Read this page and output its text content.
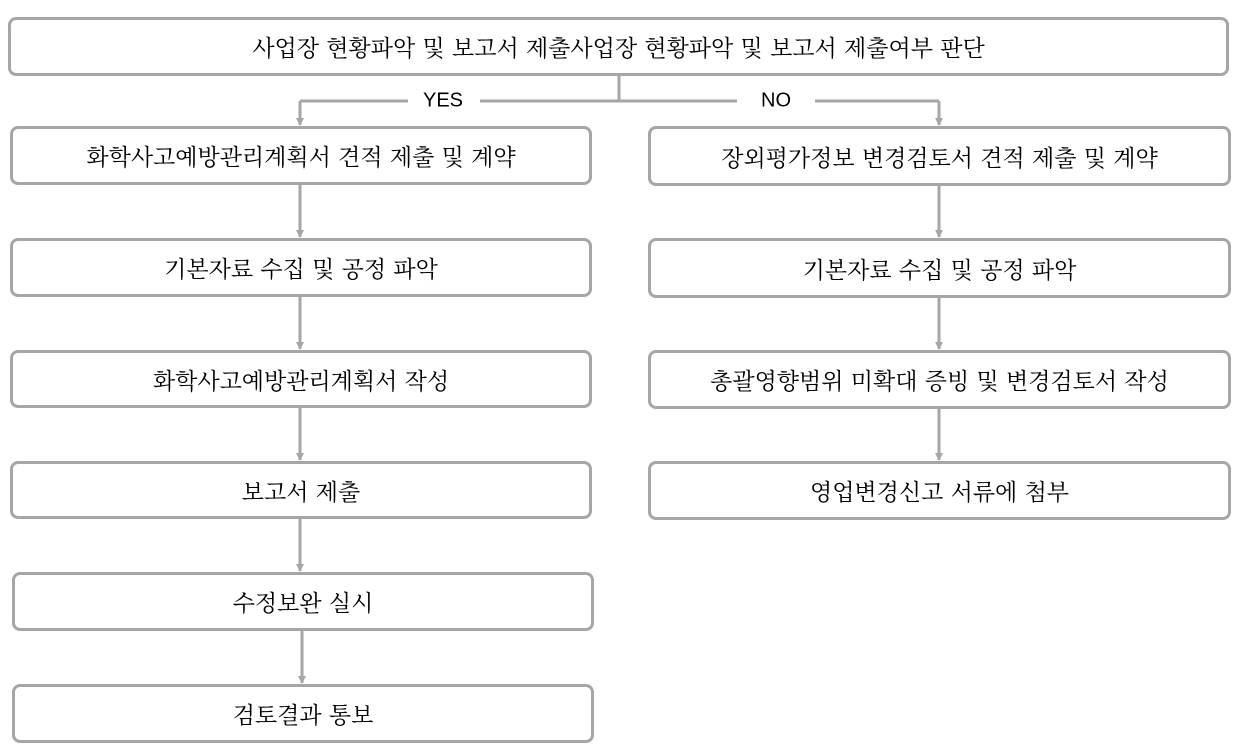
사업장 현황파악 및 보고서 제출사업장 현황파악 및 보고서 제출여부 판단
YES	NO
화학사고예방관리계획서 견적 제출 및 계약
기본자료 수집 및 공정 파악
화학사고예방관리계획서 작성
보고서 제출
수정보완 실시
검토결과 통보
장외평가정보 변경검토서 견적 제출 및 계약
기본자료 수집 및 공정 파악
총괄영향범위 미확대 증빙 및 변경검토서 작성
영업변경신고 서류에 첨부
